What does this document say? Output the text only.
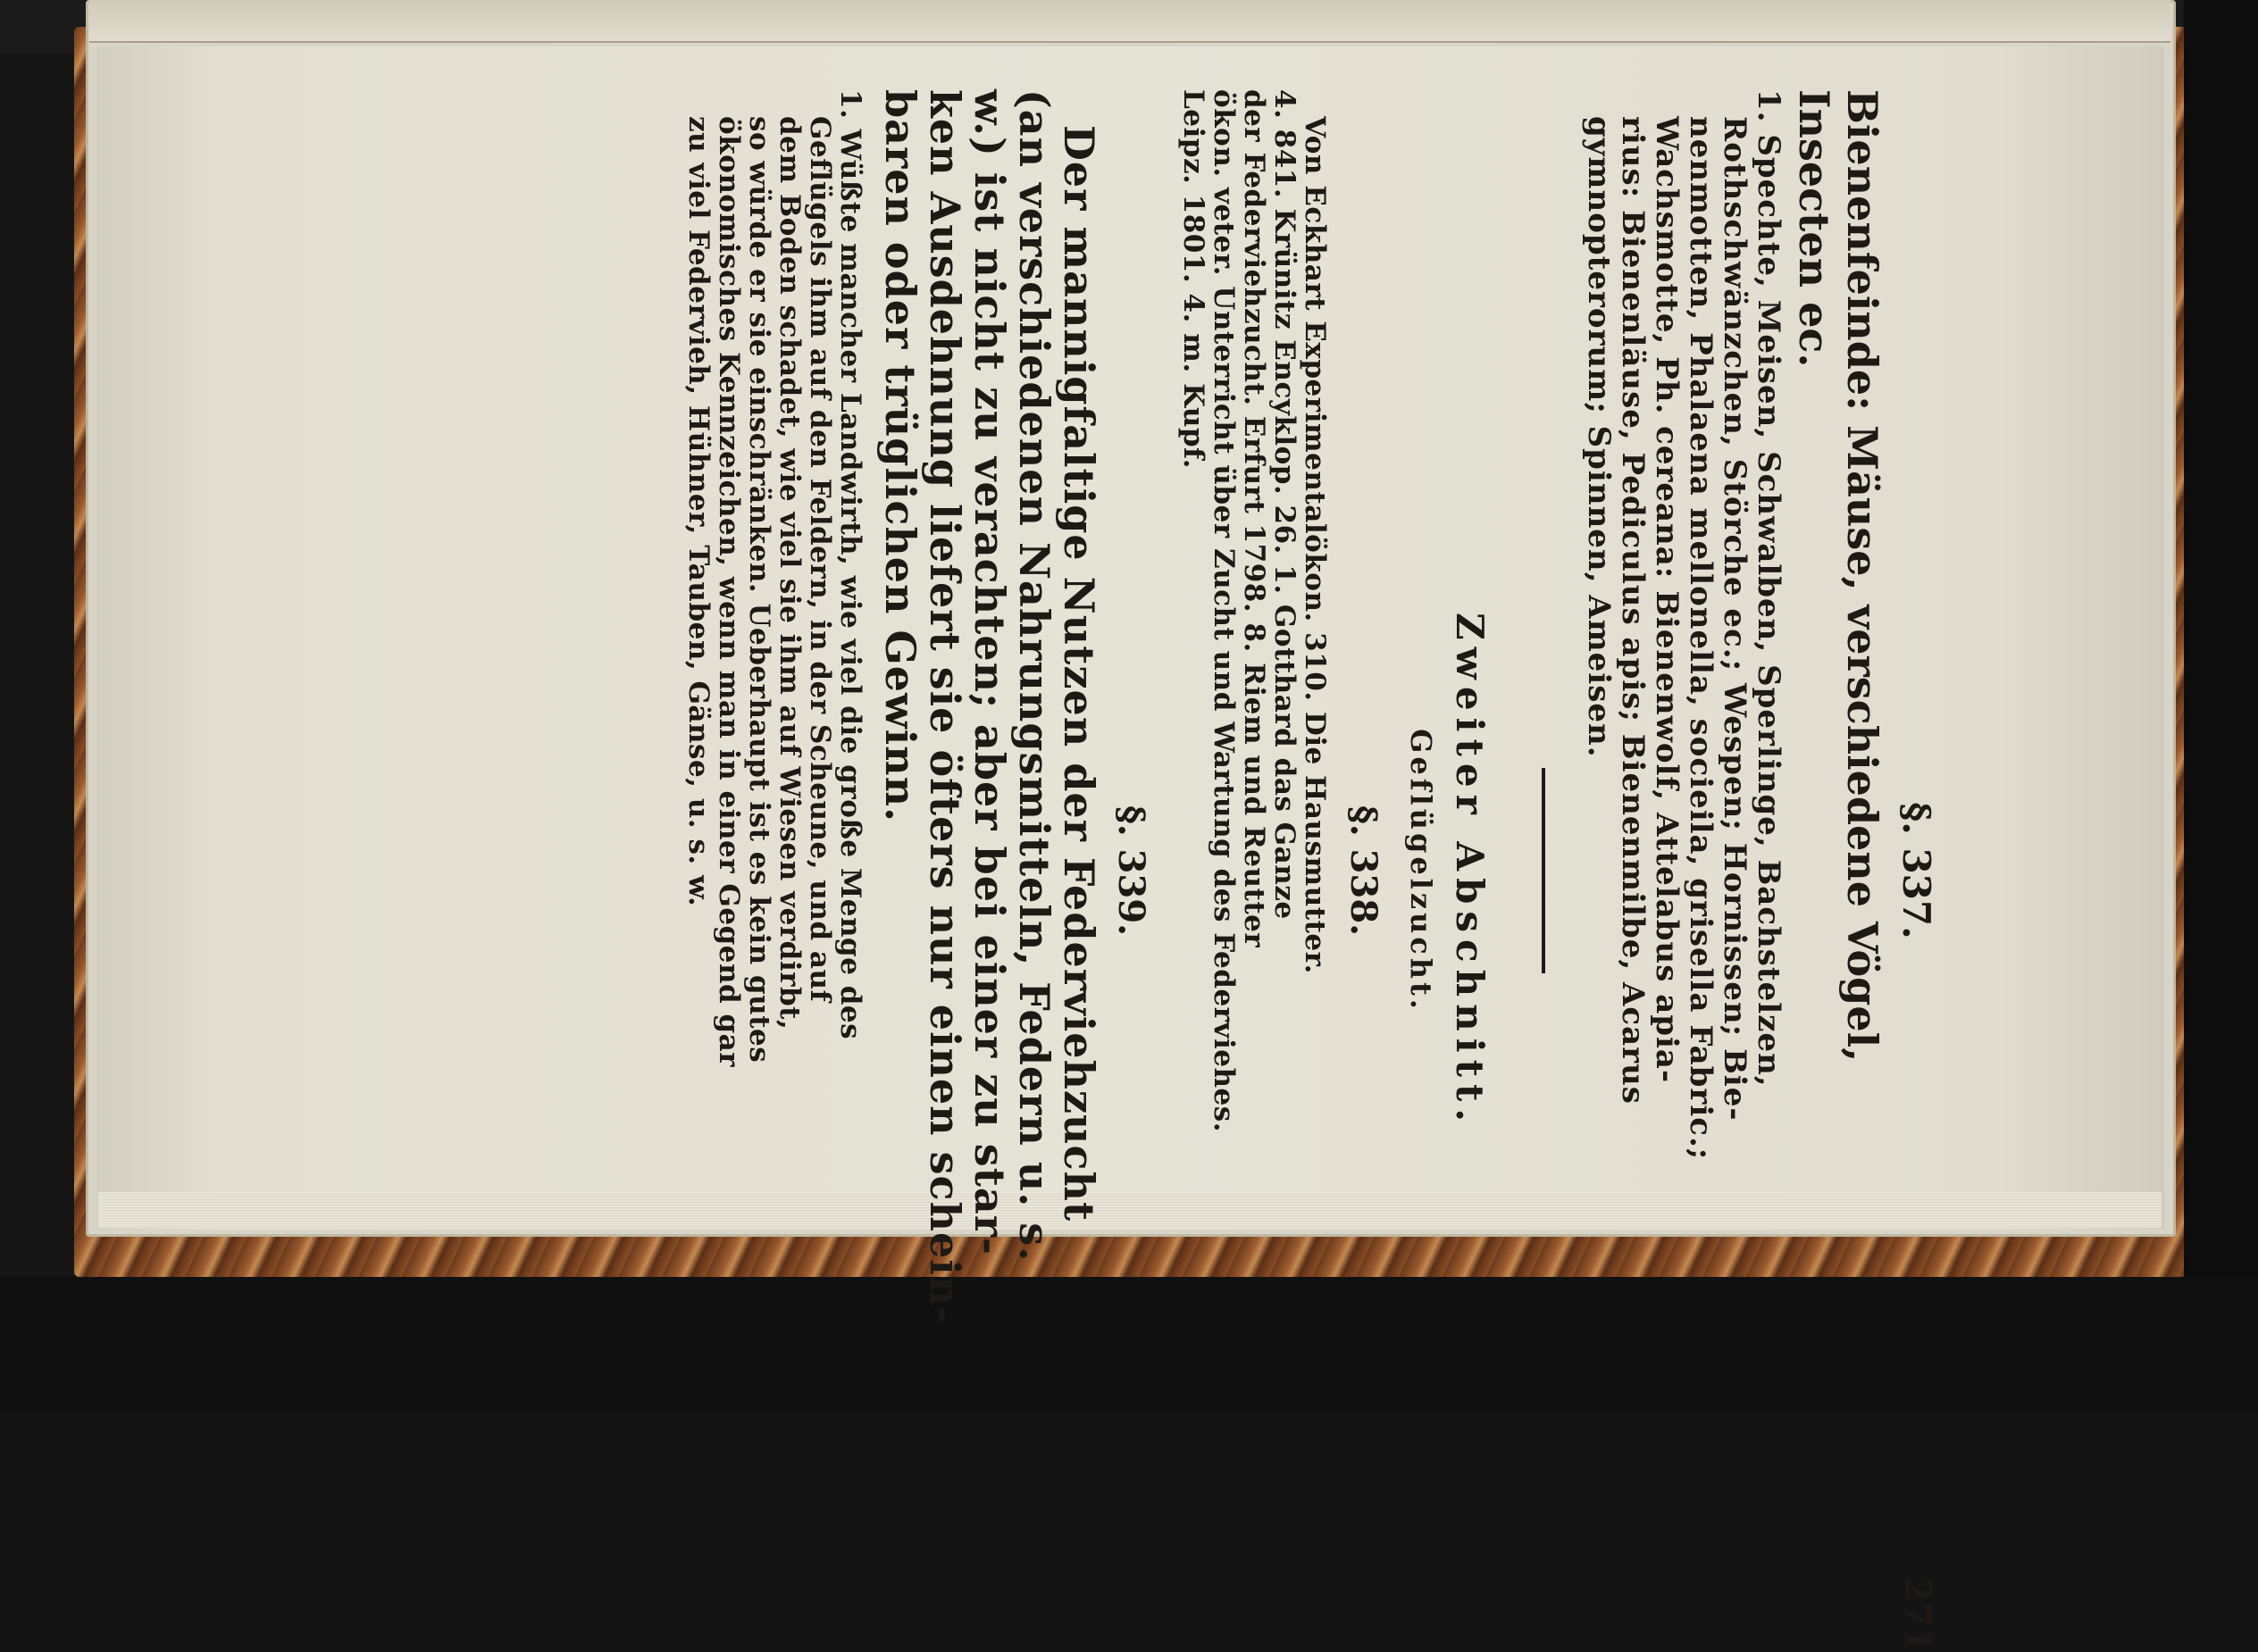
271
§. 337.
Bienenfeinde: Mäuse, verschiedene Vögel,
Insecten ec.
1. Spechte, Meisen, Schwalben, Sperlinge, Bachstelzen,
Rothschwänzchen, Störche ec.; Wespen; Hornissen; Bie-
nenmotten, Phalaena mellonella, socieila, grisella Fabric.;
Wachsmotte, Ph. cereana: Bienenwolf, Attelabus apia-
rius: Bienenläuse, Pediculus apis; Bienenmilbe, Acarus
gymnopterorum; Spinnen, Ameisen.
Zweiter Abschnitt.
Geflügelzucht.
§. 338.
Von Eckhart Experimentalökon. 310. Die Hausmutter.
4. 841. Krünitz Encyklop. 26. 1. Gotthard das Ganze
der Federviehzucht. Erfurt 1798. 8. Riem und Reutter
ökon. veter. Unterricht über Zucht und Wartung des Federviehes.
Leipz. 1801. 4. m. Kupf.
§. 339.
Der mannigfaltige Nutzen der Federviehzucht
(an verschiedenen Nahrungsmitteln, Federn u. s.
w.) ist nicht zu verachten; aber bei einer zu star-
ken Ausdehnung liefert sie öfters nur einen schein-
baren oder trüglichen Gewinn.
1. Wüßte mancher Landwirth, wie viel die große Menge des
Geflügels ihm auf den Feldern, in der Scheune, und auf
dem Boden schadet, wie viel sie ihm auf Wiesen verdirbt,
so würde er sie einschränken. Ueberhaupt ist es kein gutes
ökonomisches Kennzeichen, wenn man in einer Gegend gar
zu viel Federvieh, Hühner, Tauben, Gänse, u. s. w.
